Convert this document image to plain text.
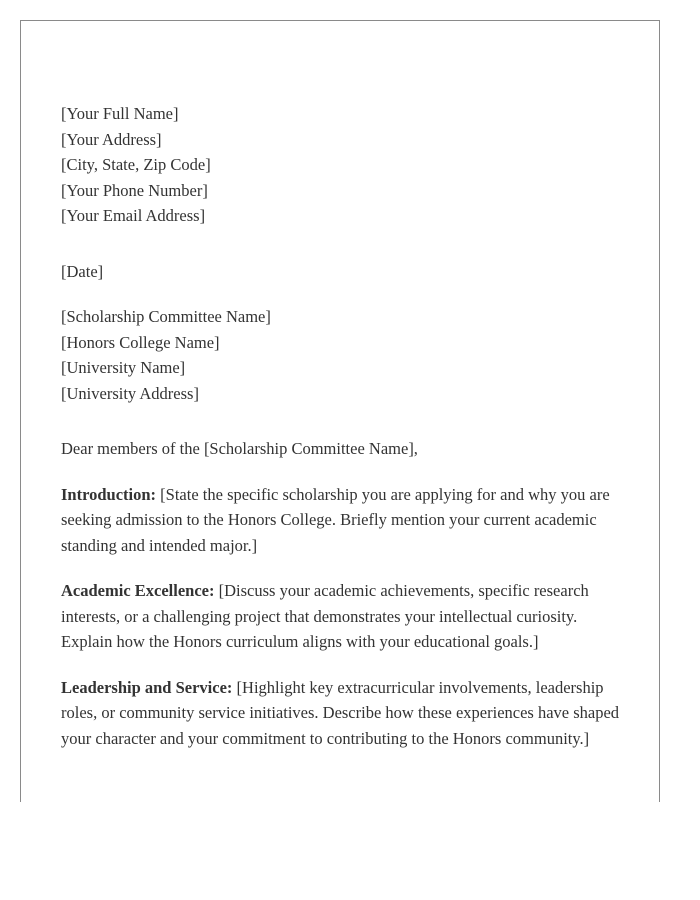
[Your Full Name]

[Your Address]

[City, State, Zip Code]

[Your Phone Number]

[Your Email Address]

[Date]

[Scholarship Committee Name]

[Honors College Name]

[University Name]

[University Address]

Dear members of the [Scholarship Committee Name],

Introduction: [State the specific scholarship you are applying for and why you are seeking admission to the Honors College. Briefly mention your current academic standing and intended major.]

Academic Excellence: [Discuss your academic achievements, specific research interests, or a challenging project that demonstrates your intellectual curiosity. Explain how the Honors curriculum aligns with your educational goals.]

Leadership and Service: [Highlight key extracurricular involvements, leadership roles, or community service initiatives. Describe how these experiences have shaped your character and your commitment to contributing to the Honors community.]
